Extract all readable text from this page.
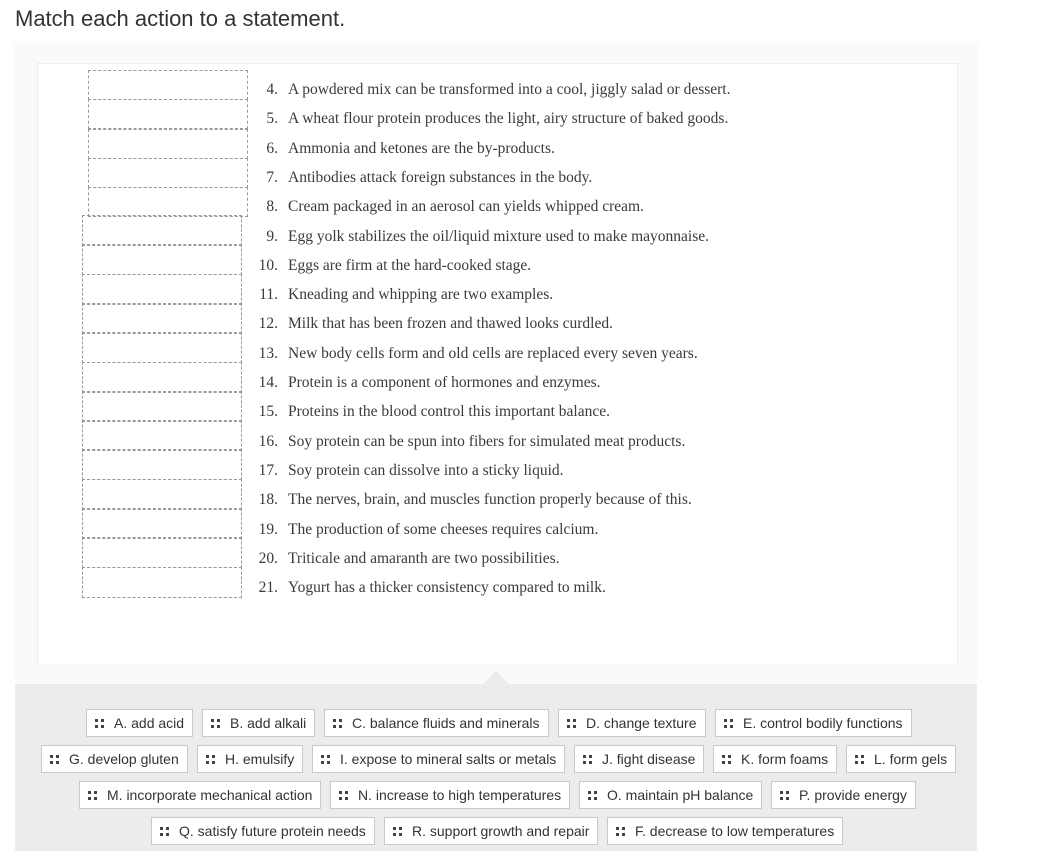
Match each action to a statement.
4. A powdered mix can be transformed into a cool, jiggly salad or dessert.
5. A wheat flour protein produces the light, airy structure of baked goods.
6. Ammonia and ketones are the by-products.
7. Antibodies attack foreign substances in the body.
8. Cream packaged in an aerosol can yields whipped cream.
9. Egg yolk stabilizes the oil/liquid mixture used to make mayonnaise.
10. Eggs are firm at the hard-cooked stage.
11. Kneading and whipping are two examples.
12. Milk that has been frozen and thawed looks curdled.
13. New body cells form and old cells are replaced every seven years.
14. Protein is a component of hormones and enzymes.
15. Proteins in the blood control this important balance.
16. Soy protein can be spun into fibers for simulated meat products.
17. Soy protein can dissolve into a sticky liquid.
18. The nerves, brain, and muscles function properly because of this.
19. The production of some cheeses requires calcium.
20. Triticale and amaranth are two possibilities.
21. Yogurt has a thicker consistency compared to milk.
A. add acid	B. add alkali	C. balance fluids and minerals	D. change texture	E. control bodily functions
G. develop gluten	H. emulsify	I. expose to mineral salts or metals	J. fight disease	K. form foams	L. form gels
M. incorporate mechanical action	N. increase to high temperatures	O. maintain pH balance	P. provide energy
Q. satisfy future protein needs	R. support growth and repair	F. decrease to low temperatures
